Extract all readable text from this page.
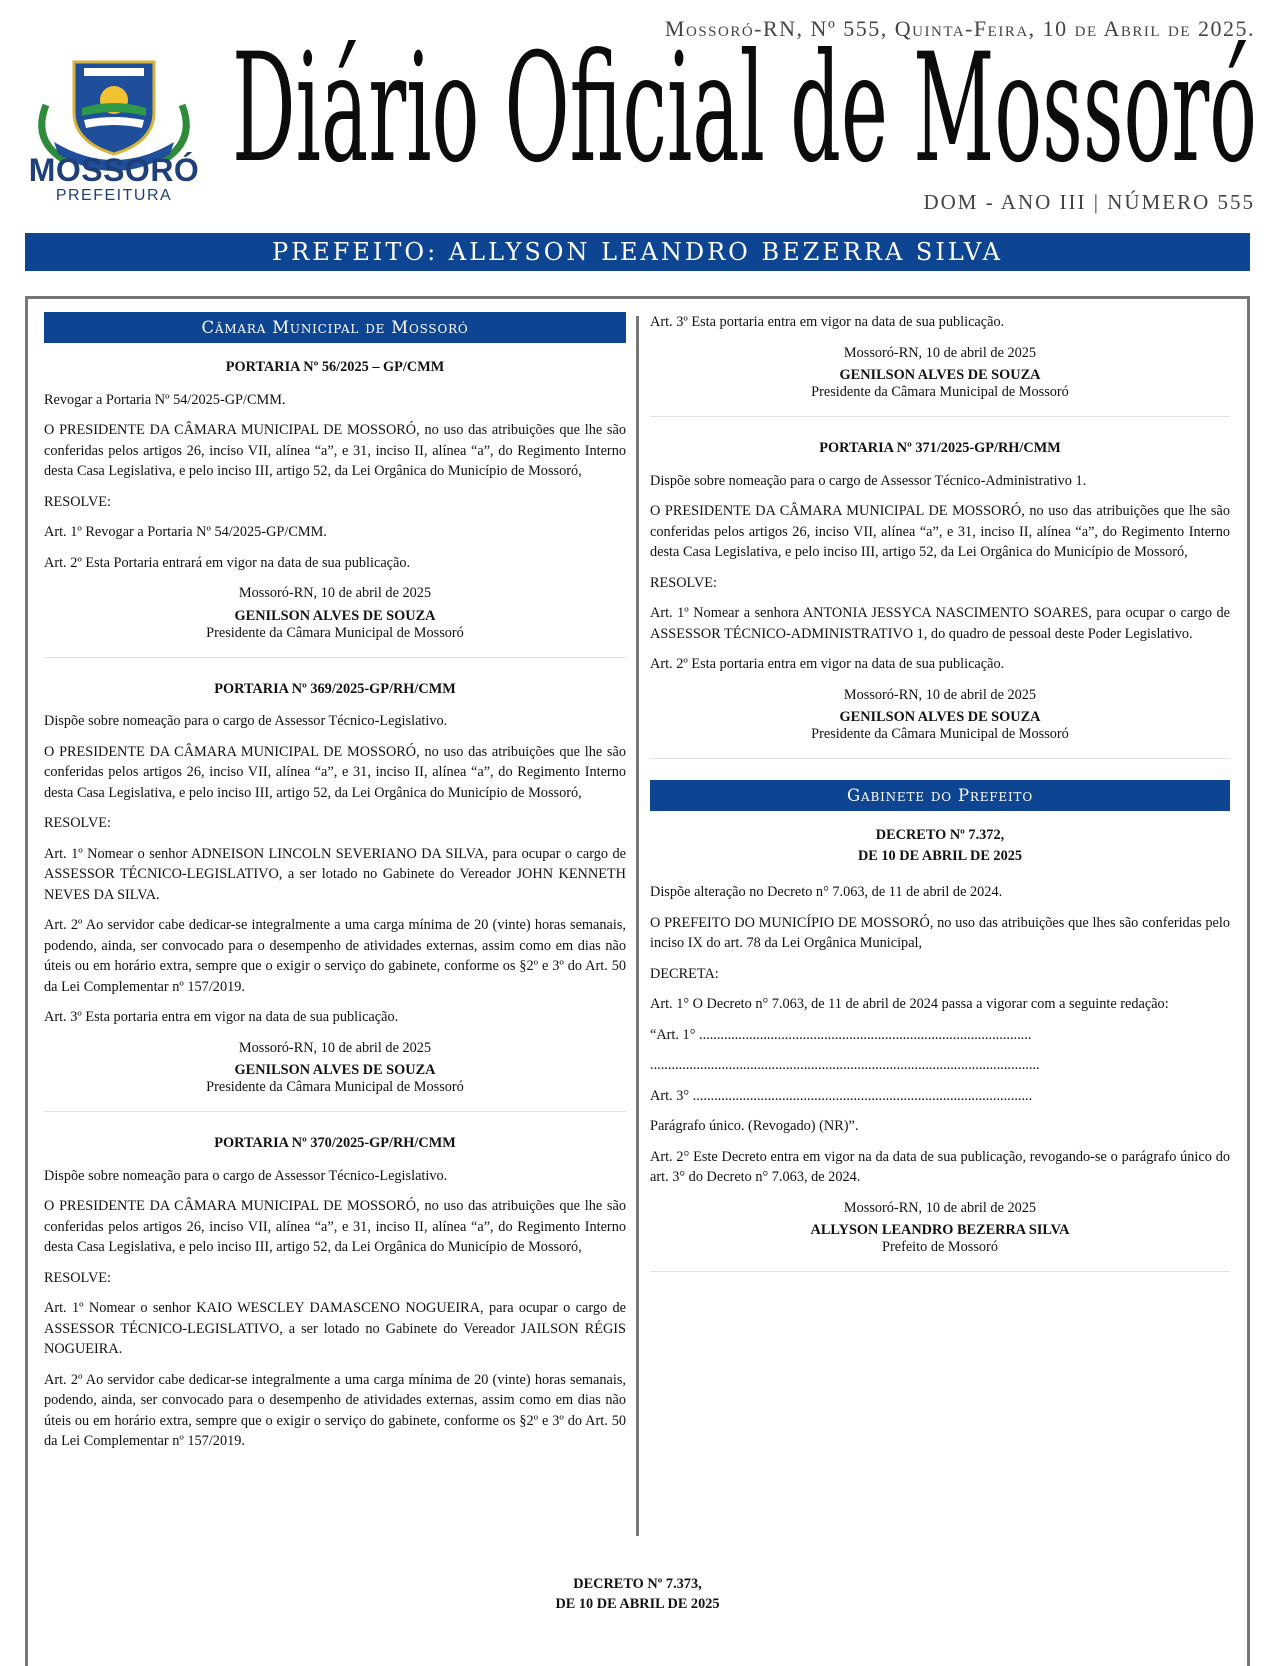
Mossoró-RN, Nº 555, Quinta-Feira, 10 de Abril de 2025.
MOSSORÓ
PREFEITURA Diário Oficial de Mossoró
DOM - ANO III | NÚMERO 555
PREFEITO: ALLYSON LEANDRO BEZERRA SILVA
Câmara Municipal de Mossoró
PORTARIA Nº 56/2025 – GP/CMM

Revogar a Portaria Nº 54/2025-GP/CMM.

O PRESIDENTE DA CÂMARA MUNICIPAL DE MOSSORÓ, no uso das atribuições que lhe são conferidas pelos artigos 26, inciso VII, alínea “a”, e 31, inciso II, alínea “a”, do Regimento Interno desta Casa Legislativa, e pelo inciso III, artigo 52, da Lei Orgânica do Município de Mossoró,

RESOLVE:

Art. 1º Revogar a Portaria Nº 54/2025-GP/CMM.

Art. 2º Esta Portaria entrará em vigor na data de sua publicação.

Mossoró-RN, 10 de abril de 2025
GENILSON ALVES DE SOUZA
Presidente da Câmara Municipal de Mossoró
PORTARIA Nº 369/2025-GP/RH/CMM

Dispõe sobre nomeação para o cargo de Assessor Técnico-Legislativo.

O PRESIDENTE DA CÂMARA MUNICIPAL DE MOSSORÓ, no uso das atribuições que lhe são conferidas pelos artigos 26, inciso VII, alínea “a”, e 31, inciso II, alínea “a”, do Regimento Interno desta Casa Legislativa, e pelo inciso III, artigo 52, da Lei Orgânica do Município de Mossoró,

RESOLVE:

Art. 1º Nomear o senhor ADNEISON LINCOLN SEVERIANO DA SILVA, para ocupar o cargo de ASSESSOR TÉCNICO-LEGISLATIVO, a ser lotado no Gabinete do Vereador JOHN KENNETH NEVES DA SILVA.

Art. 2º Ao servidor cabe dedicar-se integralmente a uma carga mínima de 20 (vinte) horas semanais, podendo, ainda, ser convocado para o desempenho de atividades externas, assim como em dias não úteis ou em horário extra, sempre que o exigir o serviço do gabinete, conforme os §2º e 3º do Art. 50 da Lei Complementar nº 157/2019.

Art. 3º Esta portaria entra em vigor na data de sua publicação.

Mossoró-RN, 10 de abril de 2025
GENILSON ALVES DE SOUZA
Presidente da Câmara Municipal de Mossoró
PORTARIA Nº 370/2025-GP/RH/CMM

Dispõe sobre nomeação para o cargo de Assessor Técnico-Legislativo.

O PRESIDENTE DA CÂMARA MUNICIPAL DE MOSSORÓ, no uso das atribuições que lhe são conferidas pelos artigos 26, inciso VII, alínea “a”, e 31, inciso II, alínea “a”, do Regimento Interno desta Casa Legislativa, e pelo inciso III, artigo 52, da Lei Orgânica do Município de Mossoró,

RESOLVE:

Art. 1º Nomear o senhor KAIO WESCLEY DAMASCENO NOGUEIRA, para ocupar o cargo de ASSESSOR TÉCNICO-LEGISLATIVO, a ser lotado no Gabinete do Vereador JAILSON RÉGIS NOGUEIRA.

Art. 2º Ao servidor cabe dedicar-se integralmente a uma carga mínima de 20 (vinte) horas semanais, podendo, ainda, ser convocado para o desempenho de atividades externas, assim como em dias não úteis ou em horário extra, sempre que o exigir o serviço do gabinete, conforme os §2º e 3º do Art. 50 da Lei Complementar nº 157/2019.

Art. 3º Esta portaria entra em vigor na data de sua publicação.

Mossoró-RN, 10 de abril de 2025
GENILSON ALVES DE SOUZA
Presidente da Câmara Municipal de Mossoró
PORTARIA Nº 371/2025-GP/RH/CMM

Dispõe sobre nomeação para o cargo de Assessor Técnico-Administrativo 1.

O PRESIDENTE DA CÂMARA MUNICIPAL DE MOSSORÓ, no uso das atribuições que lhe são conferidas pelos artigos 26, inciso VII, alínea “a”, e 31, inciso II, alínea “a”, do Regimento Interno desta Casa Legislativa, e pelo inciso III, artigo 52, da Lei Orgânica do Município de Mossoró,

RESOLVE:

Art. 1º Nomear a senhora ANTONIA JESSYCA NASCIMENTO SOARES, para ocupar o cargo de ASSESSOR TÉCNICO-ADMINISTRATIVO 1, do quadro de pessoal deste Poder Legislativo.

Art. 2º Esta portaria entra em vigor na data de sua publicação.

Mossoró-RN, 10 de abril de 2025
GENILSON ALVES DE SOUZA
Presidente da Câmara Municipal de Mossoró
Gabinete do Prefeito
DECRETO Nº 7.372,
DE 10 DE ABRIL DE 2025

Dispõe alteração no Decreto n° 7.063, de 11 de abril de 2024.

O PREFEITO DO MUNICÍPIO DE MOSSORÓ, no uso das atribuições que lhes são conferidas pelo inciso IX do art. 78 da Lei Orgânica Municipal,

DECRETA:

Art. 1° O Decreto n° 7.063, de 11 de abril de 2024 passa a vigorar com a seguinte redação:

“Art. 1° .............................................................................................

.............................................................................................................

Art. 3° ...............................................................................................

Parágrafo único. (Revogado) (NR)”.

Art. 2° Este Decreto entra em vigor na da data de sua publicação, revogando-se o parágrafo único do art. 3° do Decreto n° 7.063, de 2024.

Mossoró-RN, 10 de abril de 2025
ALLYSON LEANDRO BEZERRA SILVA
Prefeito de Mossoró
DECRETO Nº 7.373,
DE 10 DE ABRIL DE 2025
